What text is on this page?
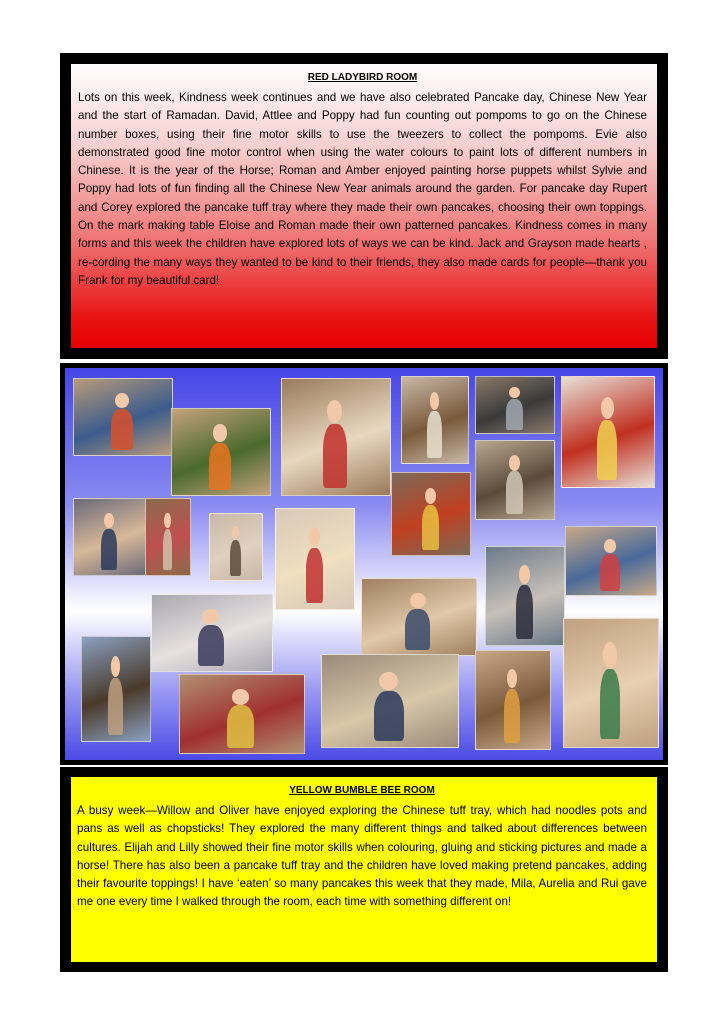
RED LADYBIRD ROOM

Lots on this week, Kindness week continues and we have also celebrated Pancake day, Chinese New Year and the start of Ramadan. David, Attlee and Poppy had fun counting out pompoms to go on the Chinese number boxes, using their fine motor skills to use the tweezers to collect the pompoms. Evie also demonstrated good fine motor control when using the water colours to paint lots of different numbers in Chinese. It is the year of the Horse; Roman and Amber enjoyed painting horse puppets whilst Sylvie and Poppy had lots of fun finding all the Chinese New Year animals around the garden. For pancake day Rupert and Corey explored the pancake tuff tray where they made their own pancakes, choosing their own toppings. On the mark making table Eloise and Roman made their own patterned pancakes. Kindness comes in many forms and this week the children have explored lots of ways we can be kind. Jack and Grayson made hearts , re-cording the many ways they wanted to be kind to their friends, they also made cards for people—thank you Frank for my beautiful card!

YELLOW BUMBLE BEE ROOM

A busy week—Willow and Oliver have enjoyed exploring the Chinese tuff tray, which had noodles pots and pans as well as chopsticks! They explored the many different things and talked about differences between cultures. Elijah and Lilly showed their fine motor skills when colouring, gluing and sticking pictures and made a horse! There has also been a pancake tuff tray and the children have loved making pretend pancakes, adding their favourite toppings! I have ‘eaten’ so many pancakes this week that they made, Mila, Aurelia and Rui gave me one every time I walked through the room, each time with something different on!
